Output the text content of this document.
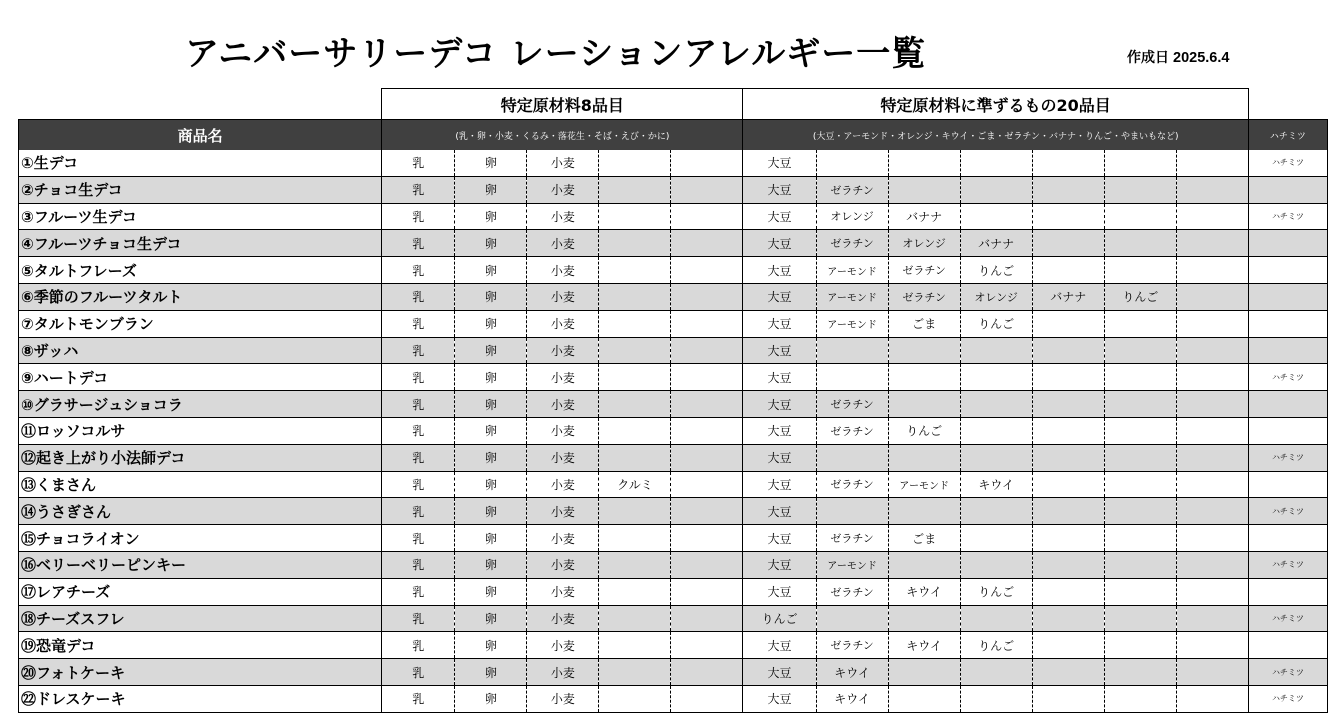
アニバーサリーデコ レーションアレルギー一覧	作成日 2025.6.4
	特定原材料8品目					特定原材料に準ずるもの20品目							
商品名	(乳・卵・小麦・くるみ・落花生・そば・えび・かに)					(大豆・アーモンド・オレンジ・キウイ・ごま・ゼラチン・バナナ・りんご・やまいもなど)							ハチミツ
①生デコ	乳	卵	小麦			大豆							ハチミツ
②チョコ生デコ	乳	卵	小麦			大豆	ゼラチン						
③フルーツ生デコ	乳	卵	小麦			大豆	オレンジ	バナナ					ハチミツ
④フルーツチョコ生デコ	乳	卵	小麦			大豆	ゼラチン	オレンジ	バナナ				
⑤タルトフレーズ	乳	卵	小麦			大豆	アーモンド	ゼラチン	りんご				
⑥季節のフルーツタルト	乳	卵	小麦			大豆	アーモンド	ゼラチン	オレンジ	バナナ	りんご		
⑦タルトモンブラン	乳	卵	小麦			大豆	アーモンド	ごま	りんご				
⑧ザッハ	乳	卵	小麦			大豆							
⑨ハートデコ	乳	卵	小麦			大豆							ハチミツ
⑩グラサージュショコラ	乳	卵	小麦			大豆	ゼラチン						
⑪ロッソコルサ	乳	卵	小麦			大豆	ゼラチン	りんご					
⑫起き上がり小法師デコ	乳	卵	小麦			大豆							ハチミツ
⑬くまさん	乳	卵	小麦	クルミ		大豆	ゼラチン	アーモンド	キウイ				
⑭うさぎさん	乳	卵	小麦			大豆							ハチミツ
⑮チョコライオン	乳	卵	小麦			大豆	ゼラチン	ごま					
⑯ベリーベリーピンキー	乳	卵	小麦			大豆	アーモンド						ハチミツ
⑰レアチーズ	乳	卵	小麦			大豆	ゼラチン	キウイ	りんご				
⑱チーズスフレ	乳	卵	小麦			りんご							ハチミツ
⑲恐竜デコ	乳	卵	小麦			大豆	ゼラチン	キウイ	りんご				
⑳フォトケーキ	乳	卵	小麦			大豆	キウイ						ハチミツ
㉒ドレスケーキ	乳	卵	小麦			大豆	キウイ						ハチミツ
